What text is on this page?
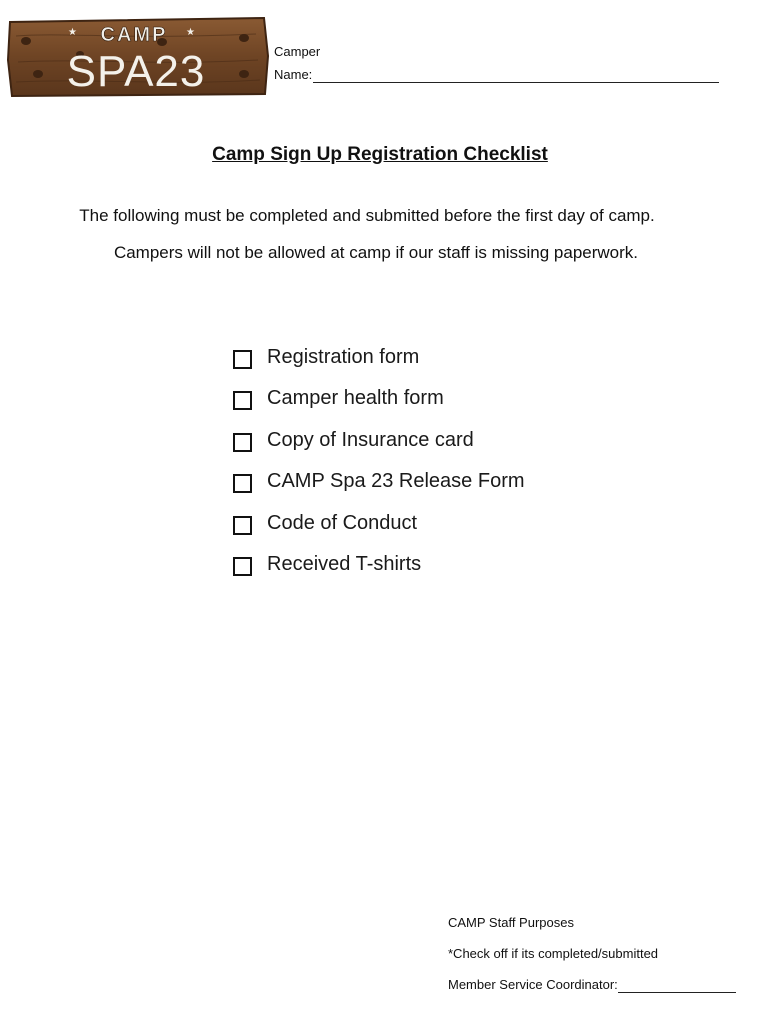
★	★
CAMP
SPA23	Camper
Name:
Camp Sign Up Registration Checklist
The following must be completed and submitted before the first day of camp.
Campers will not be allowed at camp if our staff is missing paperwork.
Registration form
Camper health form
Copy of Insurance card
CAMP Spa 23 Release Form
Code of Conduct
Received T-shirts
CAMP Staff Purposes
*Check off if its completed/submitted
Member Service Coordinator:
